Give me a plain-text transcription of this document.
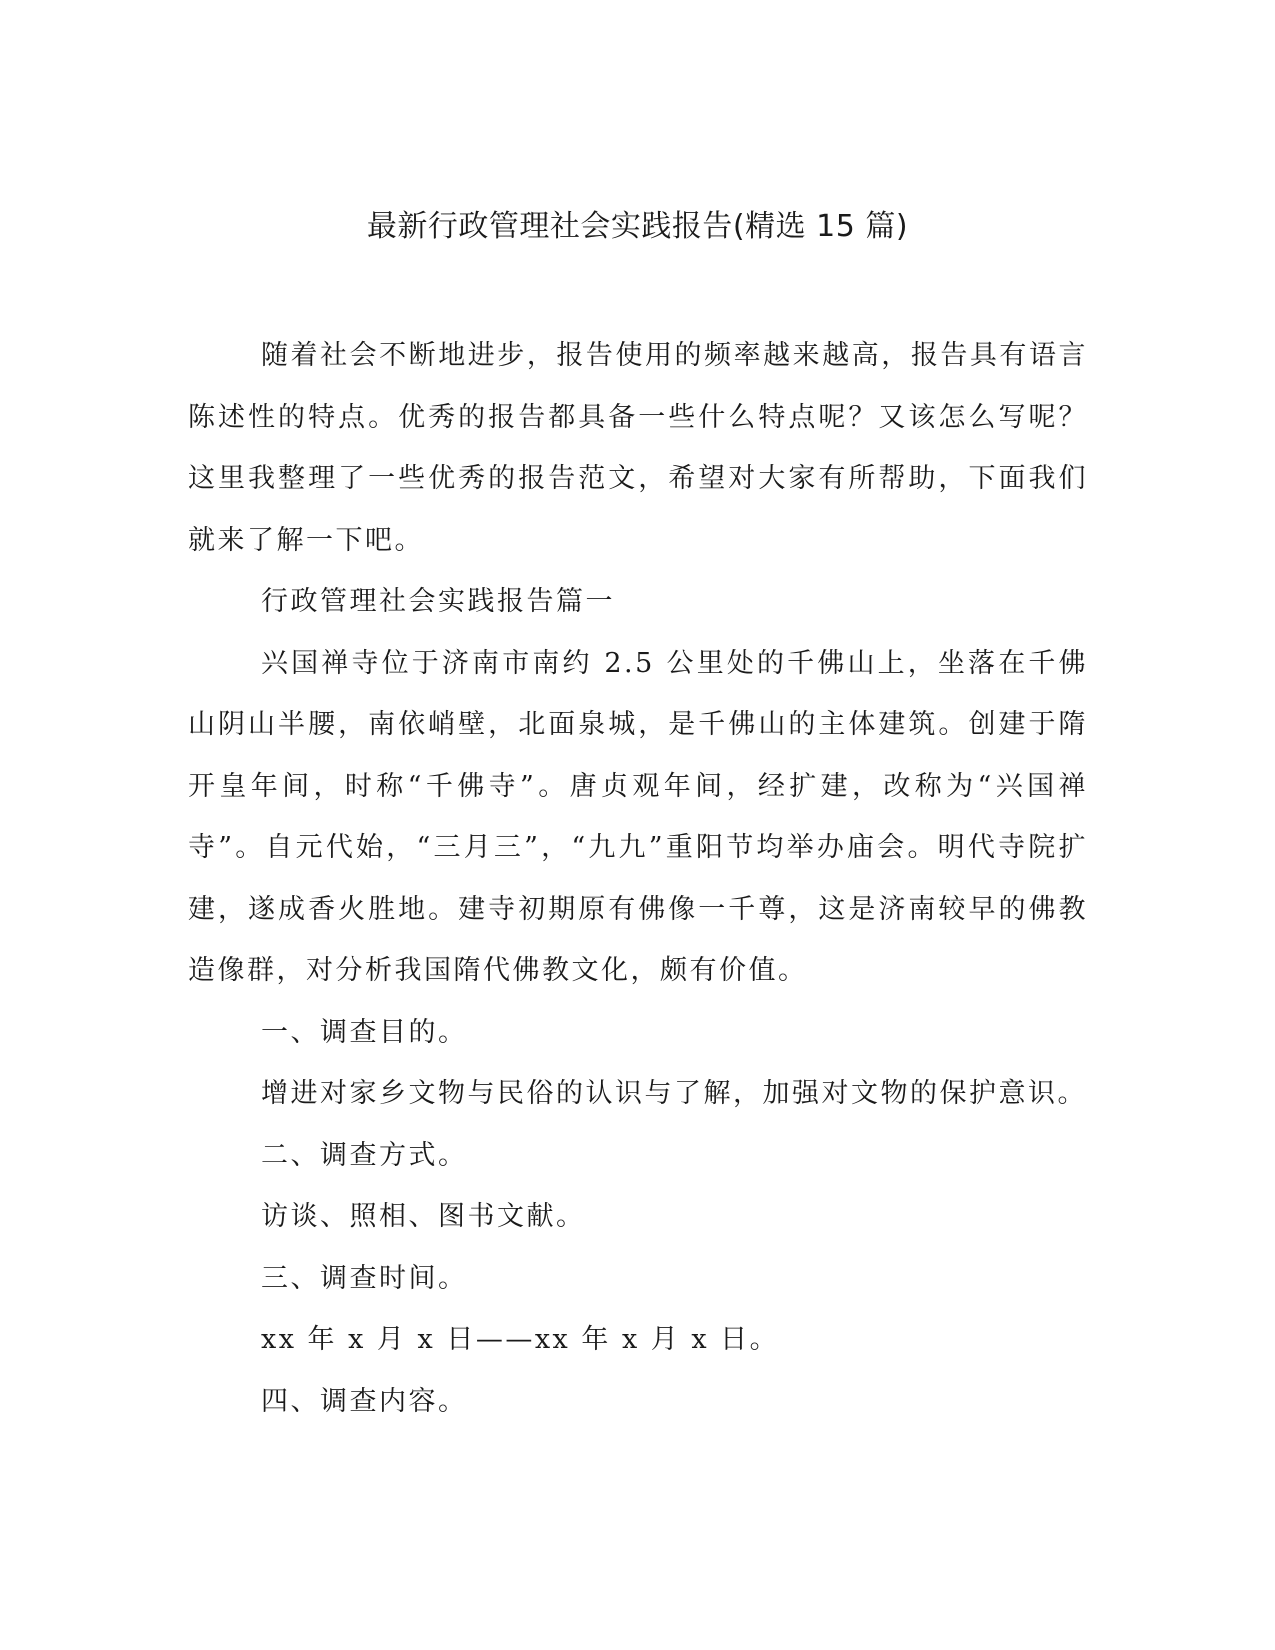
最新行政管理社会实践报告(精选 15 篇)

随着社会不断地进步，报告使用的频率越来越高，报告具有语言陈述性的特点。优秀的报告都具备一些什么特点呢？又该怎么写呢？这里我整理了一些优秀的报告范文，希望对大家有所帮助，下面我们就来了解一下吧。

行政管理社会实践报告篇一

兴国禅寺位于济南市南约 2.5 公里处的千佛山上，坐落在千佛山阴山半腰，南依峭壁，北面泉城，是千佛山的主体建筑。创建于隋开皇年间，时称“千佛寺”。唐贞观年间，经扩建，改称为“兴国禅寺”。自元代始，“三月三”，“九九”重阳节均举办庙会。明代寺院扩建，遂成香火胜地。建寺初期原有佛像一千尊，这是济南较早的佛教造像群，对分析我国隋代佛教文化，颇有价值。

一、调查目的。

增进对家乡文物与民俗的认识与了解，加强对文物的保护意识。

二、调查方式。

访谈、照相、图书文献。

三、调查时间。

xx 年 x 月 x 日——xx 年 x 月 x 日。

四、调查内容。
